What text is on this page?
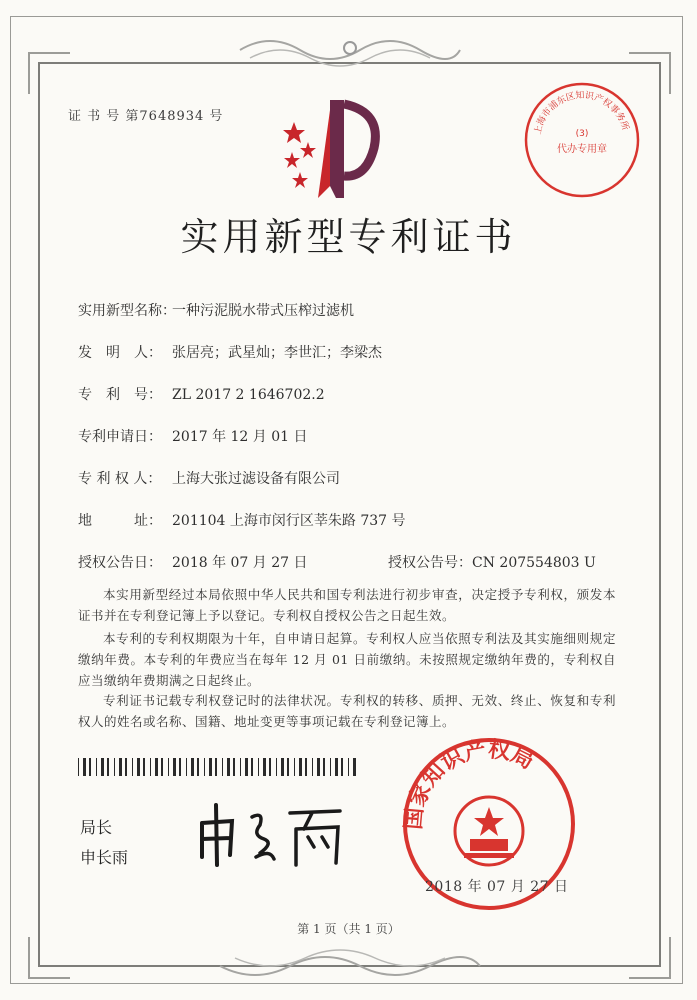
证 书 号 第7648934 号
上海市浦东区知识产权事务所
(3)
代办专用章
实用新型专利证书
实用新型名称：一种污泥脱水带式压榨过滤机
发　明　人： 张居亮；武星灿；李世汇；李梁杰
专　利　号： ZL 2017 2 1646702.2
专利申请日： 2017 年 12 月 01 日
专 利 权 人： 上海大张过滤设备有限公司
地　　　址： 201104 上海市闵行区莘朱路 737 号
授权公告日： 2018 年 07 月 27 日	授权公告号：CN 207554803 U
本实用新型经过本局依照中华人民共和国专利法进行初步审查，决定授予专利权，颁发本证书并在专利登记簿上予以登记。专利权自授权公告之日起生效。
本专利的专利权期限为十年，自申请日起算。专利权人应当依照专利法及其实施细则规定缴纳年费。本专利的年费应当在每年 12 月 01 日前缴纳。未按照规定缴纳年费的，专利权自应当缴纳年费期满之日起终止。
专利证书记载专利权登记时的法律状况。专利权的转移、质押、无效、终止、恢复和专利权人的姓名或名称、国籍、地址变更等事项记载在专利登记簿上。
局长
申长雨
国家知识产权局
2018 年 07 月 27 日
第 1 页（共 1 页）
